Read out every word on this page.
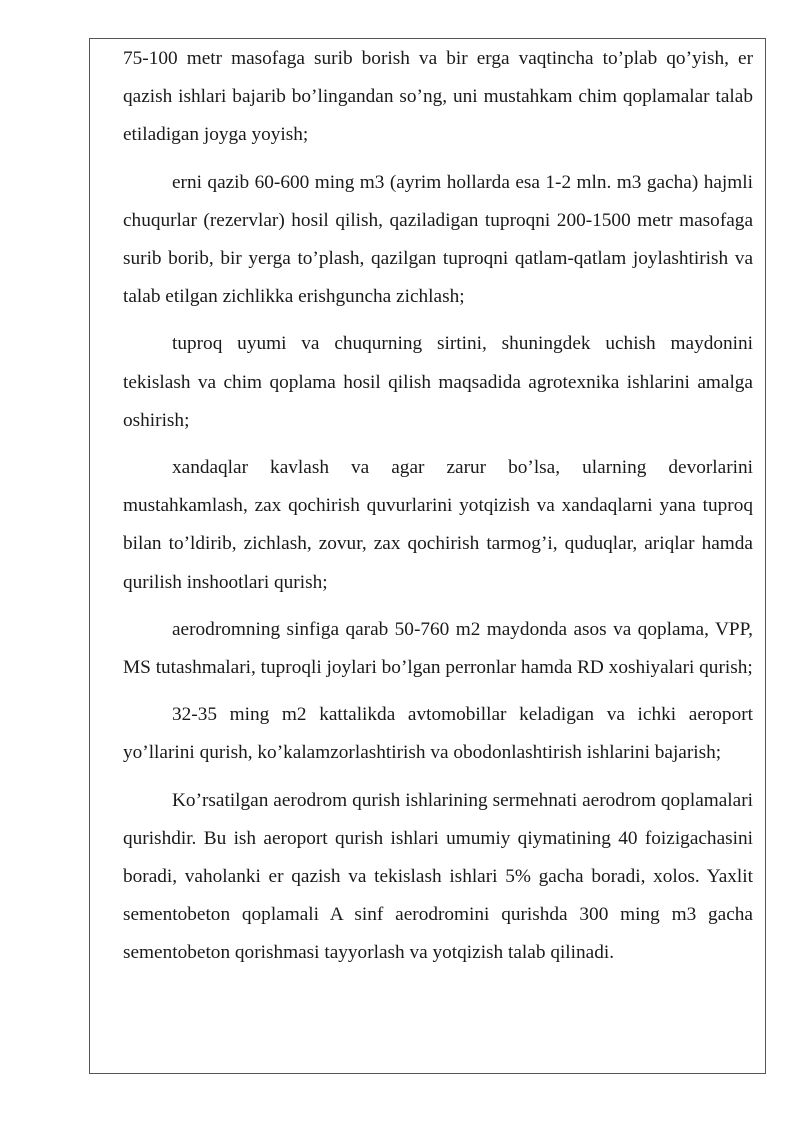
75-100 metr masofaga surib borish va bir erga vaqtincha to’plab qo’yish, er qazish ishlari bajarib bo’lingandan so’ng, uni mustahkam chim qoplamalar talab etiladigan joyga yoyish;

erni qazib 60-600 ming m3 (ayrim hollarda esa 1-2 mln. m3 gacha) hajmli chuqurlar (rezervlar) hosil qilish, qaziladigan tuproqni 200-1500 metr masofaga surib borib, bir yerga to’plash, qazilgan tuproqni qatlam-qatlam joylashtirish va talab etilgan zichlikka erishguncha zichlash;

tuproq uyumi va chuqurning sirtini, shuningdek uchish maydonini tekislash va chim qoplama hosil qilish maqsadida agrotexnika ishlarini amalga oshirish;

xandaqlar kavlash va agar zarur bo’lsa, ularning devorlarini mustahkamlash, zax qochirish quvurlarini yotqizish va xandaqlarni yana tuproq bilan to’ldirib, zichlash, zovur, zax qochirish tarmog’i, quduqlar, ariqlar hamda qurilish inshootlari qurish;

aerodromning sinfiga qarab 50-760 m2 maydonda asos va qoplama, VPP, MS tutashmalari, tuproqli joylari bo’lgan perronlar hamda RD xoshiyalari qurish;

32-35 ming m2 kattalikda avtomobillar keladigan va ichki aeroport yo’llarini qurish, ko’kalamzorlashtirish va obodonlashtirish ishlarini bajarish;

Ko’rsatilgan aerodrom qurish ishlarining sermehnati aerodrom qoplamalari qurishdir. Bu ish aeroport qurish ishlari umumiy qiymatining 40 foizigachasini boradi, vaholanki er qazish va tekislash ishlari 5% gacha boradi, xolos. Yaxlit sementobeton qoplamali A sinf aerodromini qurishda 300 ming m3 gacha sementobeton qorishmasi tayyorlash va yotqizish talab qilinadi.
